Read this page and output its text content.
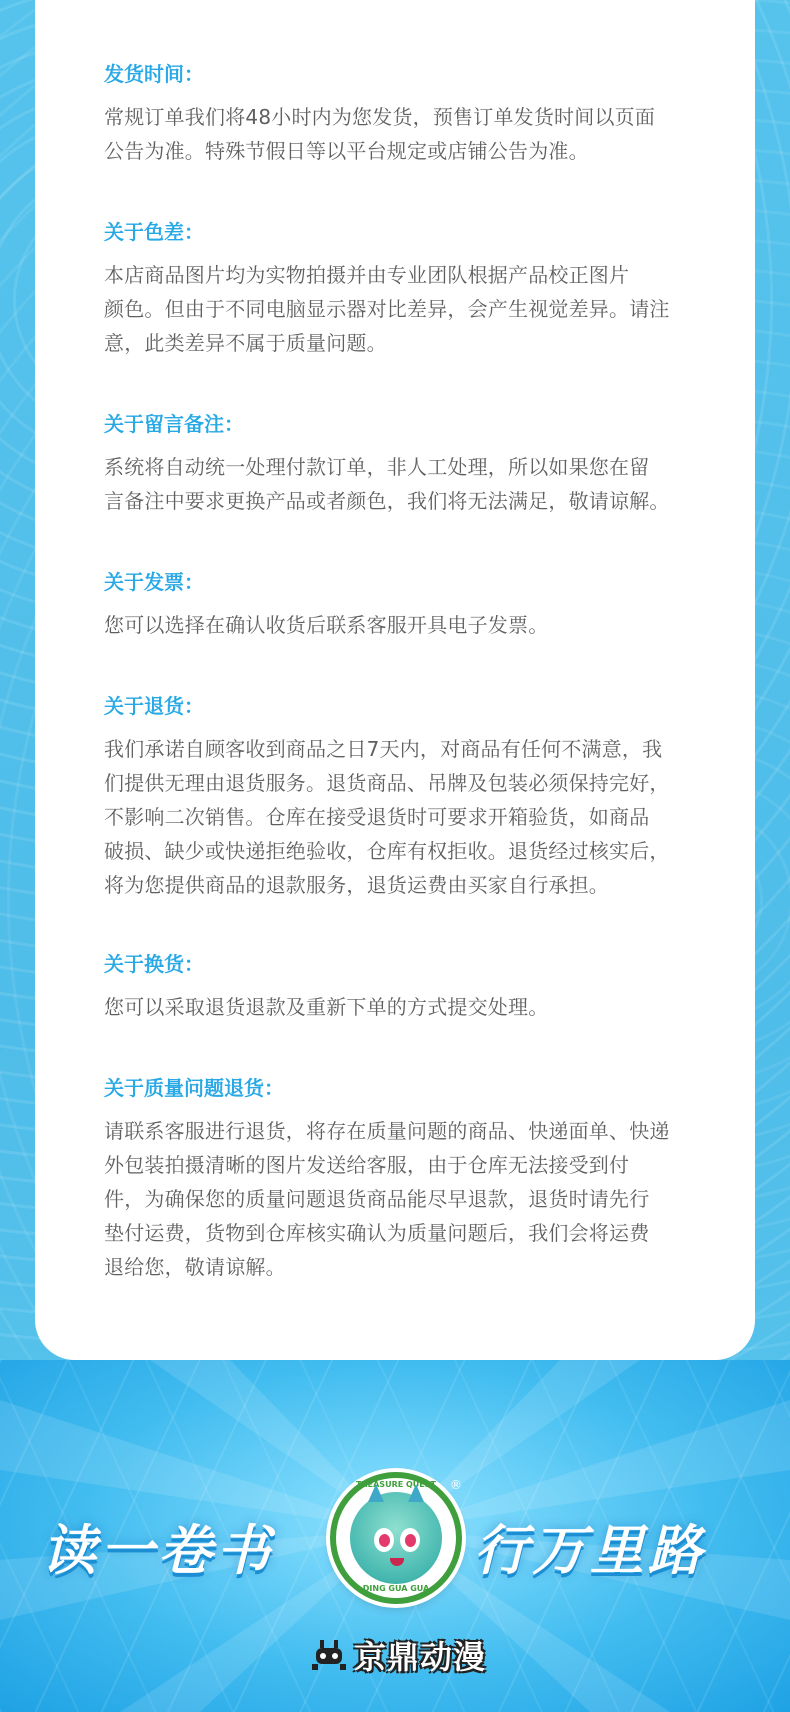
发货时间：
常规订单我们将48小时内为您发货，预售订单发货时间以页面
公告为准。特殊节假日等以平台规定或店铺公告为准。
关于色差：
本店商品图片均为实物拍摄并由专业团队根据产品校正图片
颜色。但由于不同电脑显示器对比差异，会产生视觉差异。请注
意，此类差异不属于质量问题。
关于留言备注：
系统将自动统一处理付款订单，非人工处理，所以如果您在留
言备注中要求更换产品或者颜色，我们将无法满足，敬请谅解。
关于发票：
您可以选择在确认收货后联系客服开具电子发票。
关于退货：
我们承诺自顾客收到商品之日7天内，对商品有任何不满意，我
们提供无理由退货服务。退货商品、吊牌及包装必须保持完好，
不影响二次销售。仓库在接受退货时可要求开箱验货，如商品
破损、缺少或快递拒绝验收，仓库有权拒收。退货经过核实后，
将为您提供商品的退款服务，退货运费由买家自行承担。
关于换货：
您可以采取退货退款及重新下单的方式提交处理。
关于质量问题退货：
请联系客服进行退货，将存在质量问题的商品、快递面单、快递
外包装拍摄清晰的图片发送给客服，由于仓库无法接受到付
件，为确保您的质量问题退货商品能尽早退款，退货时请先行
垫付运费，货物到仓库核实确认为质量问题后，我们会将运费
退给您，敬请谅解。
读一卷书	行万里路
TREASURE QUEST
DING GUA GUA
®
京鼎动漫
